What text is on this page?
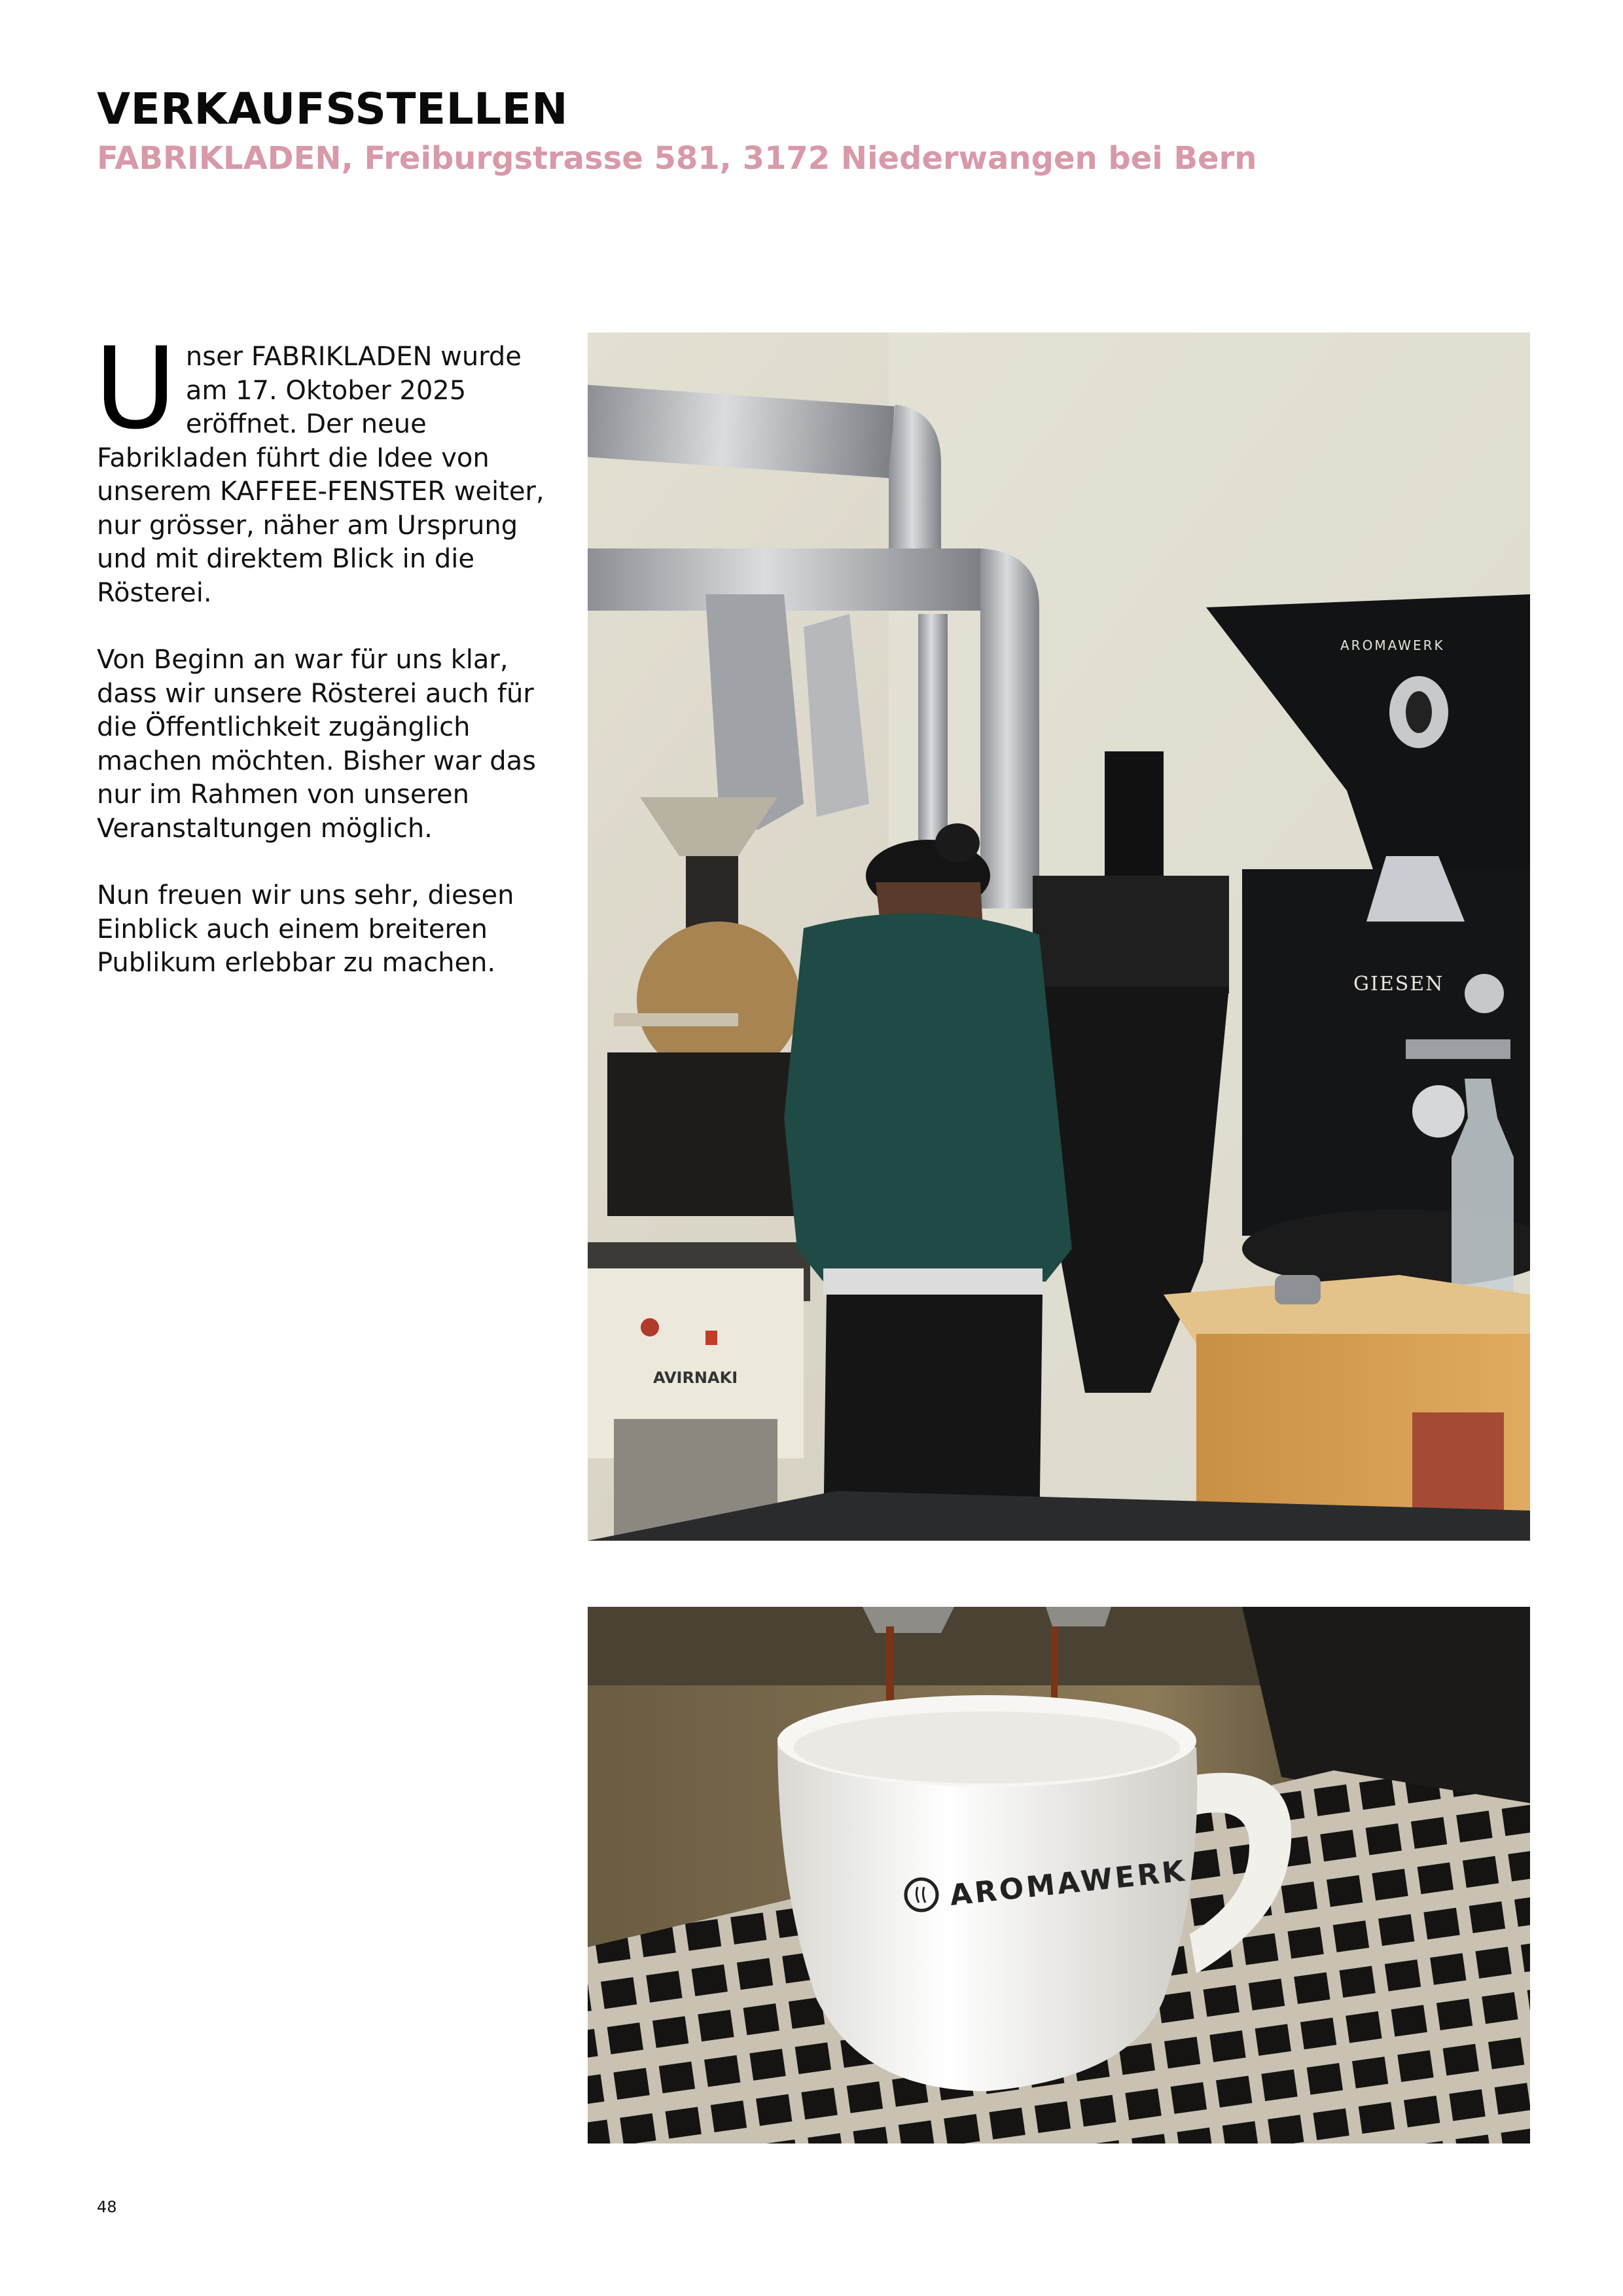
VERKAUFSSTELLEN
FABRIKLADEN, Freiburgstrasse 581, 3172 Niederwangen bei Bern

Unser FABRIKLADEN wurde am 17. Oktober 2025 eröffnet. Der neue Fabrikladen führt die Idee von unserem KAFFEE-FENSTER weiter, nur grösser, näher am Ursprung und mit direktem Blick in die Rösterei.

Von Beginn an war für uns klar, dass wir unsere Rösterei auch für die Öffentlichkeit zugänglich machen möchten. Bisher war das nur im Rahmen von unseren Veranstaltungen möglich.

Nun freuen wir uns sehr, diesen Einblick auch einem breiteren Publikum erlebbar zu machen.

AVIRNAKI
AROMAWERK
GIESEN
AROMAWERK
48
